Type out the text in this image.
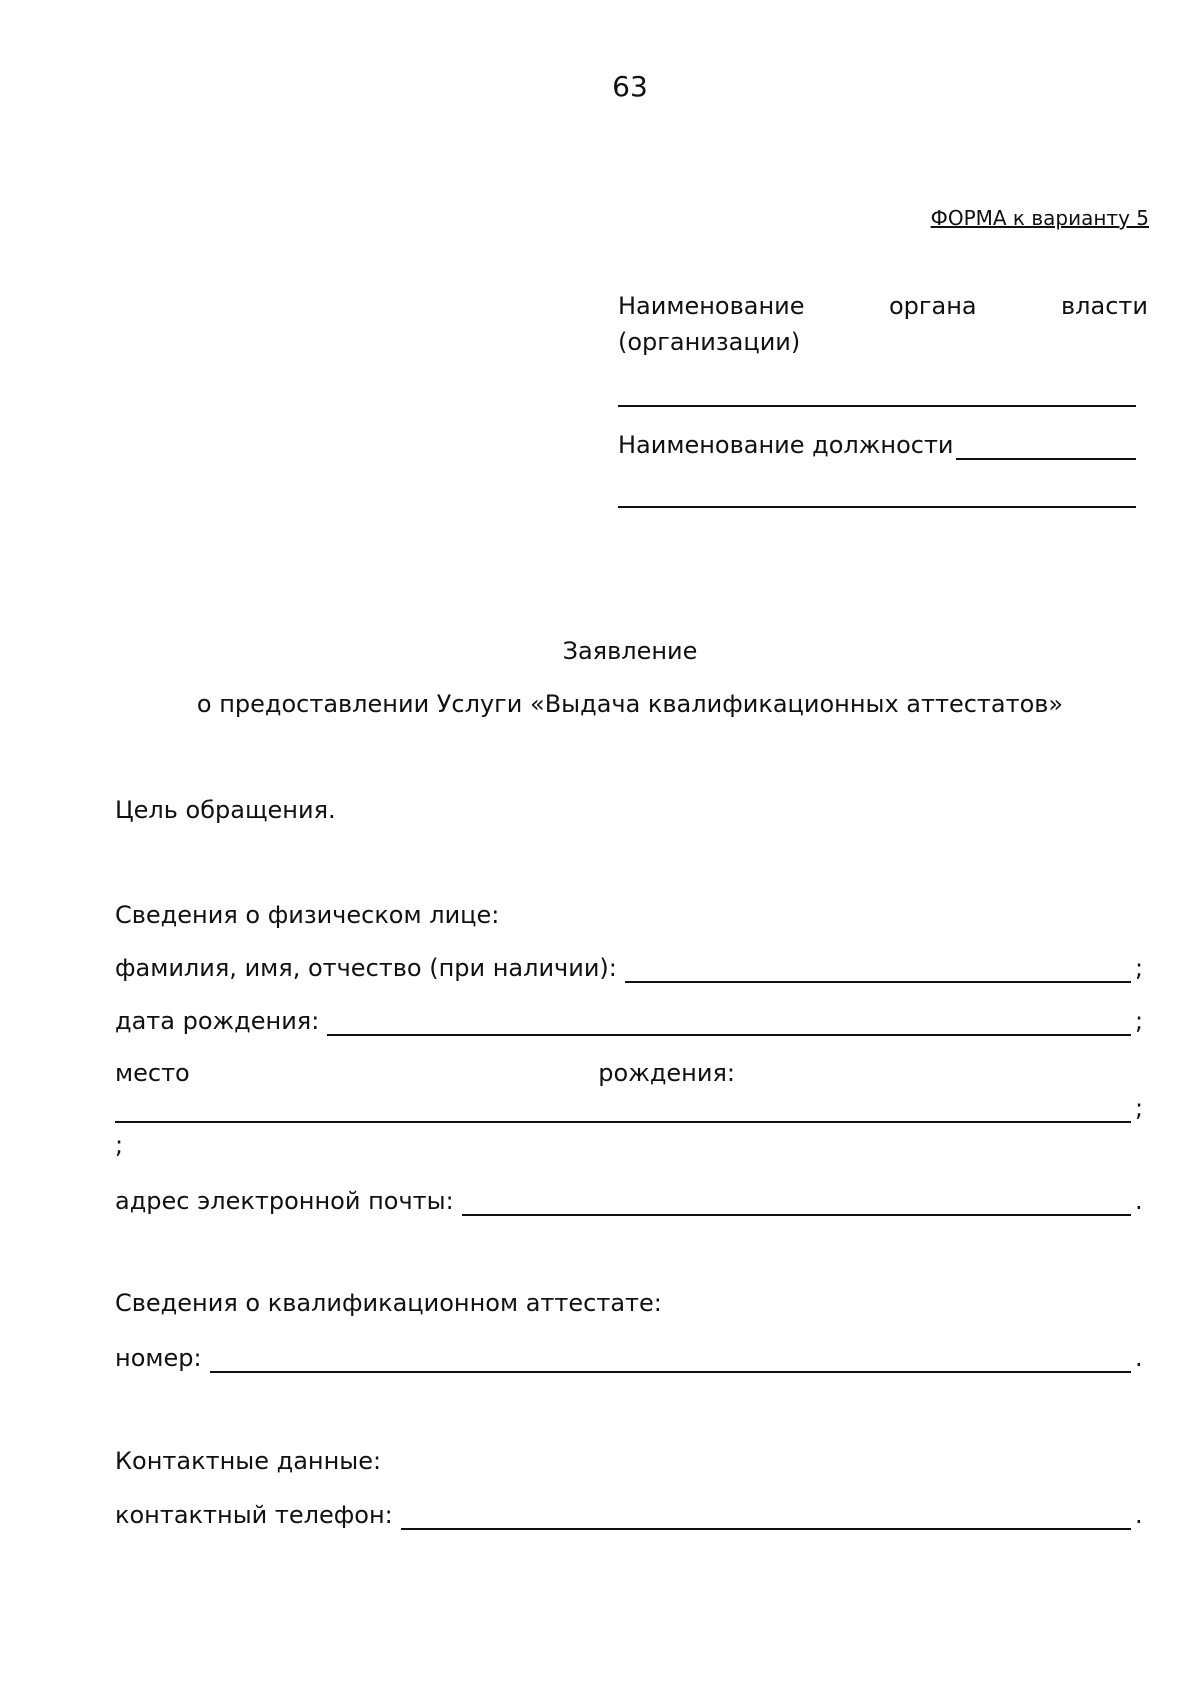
63
ФОРМА к варианту 5
Наименование	органа	власти
(организации)
Наименование должности
Заявление
о предоставлении Услуги «Выдача квалификационных аттестатов»
Цель обращения.
Сведения о физическом лице:
фамилия, имя, отчество (при наличии):	;
дата рождения:	;
место	рождения:
;
;
адрес электронной почты:	.
Сведения о квалификационном аттестате:
номер:	.
Контактные данные:
контактный телефон:	.
